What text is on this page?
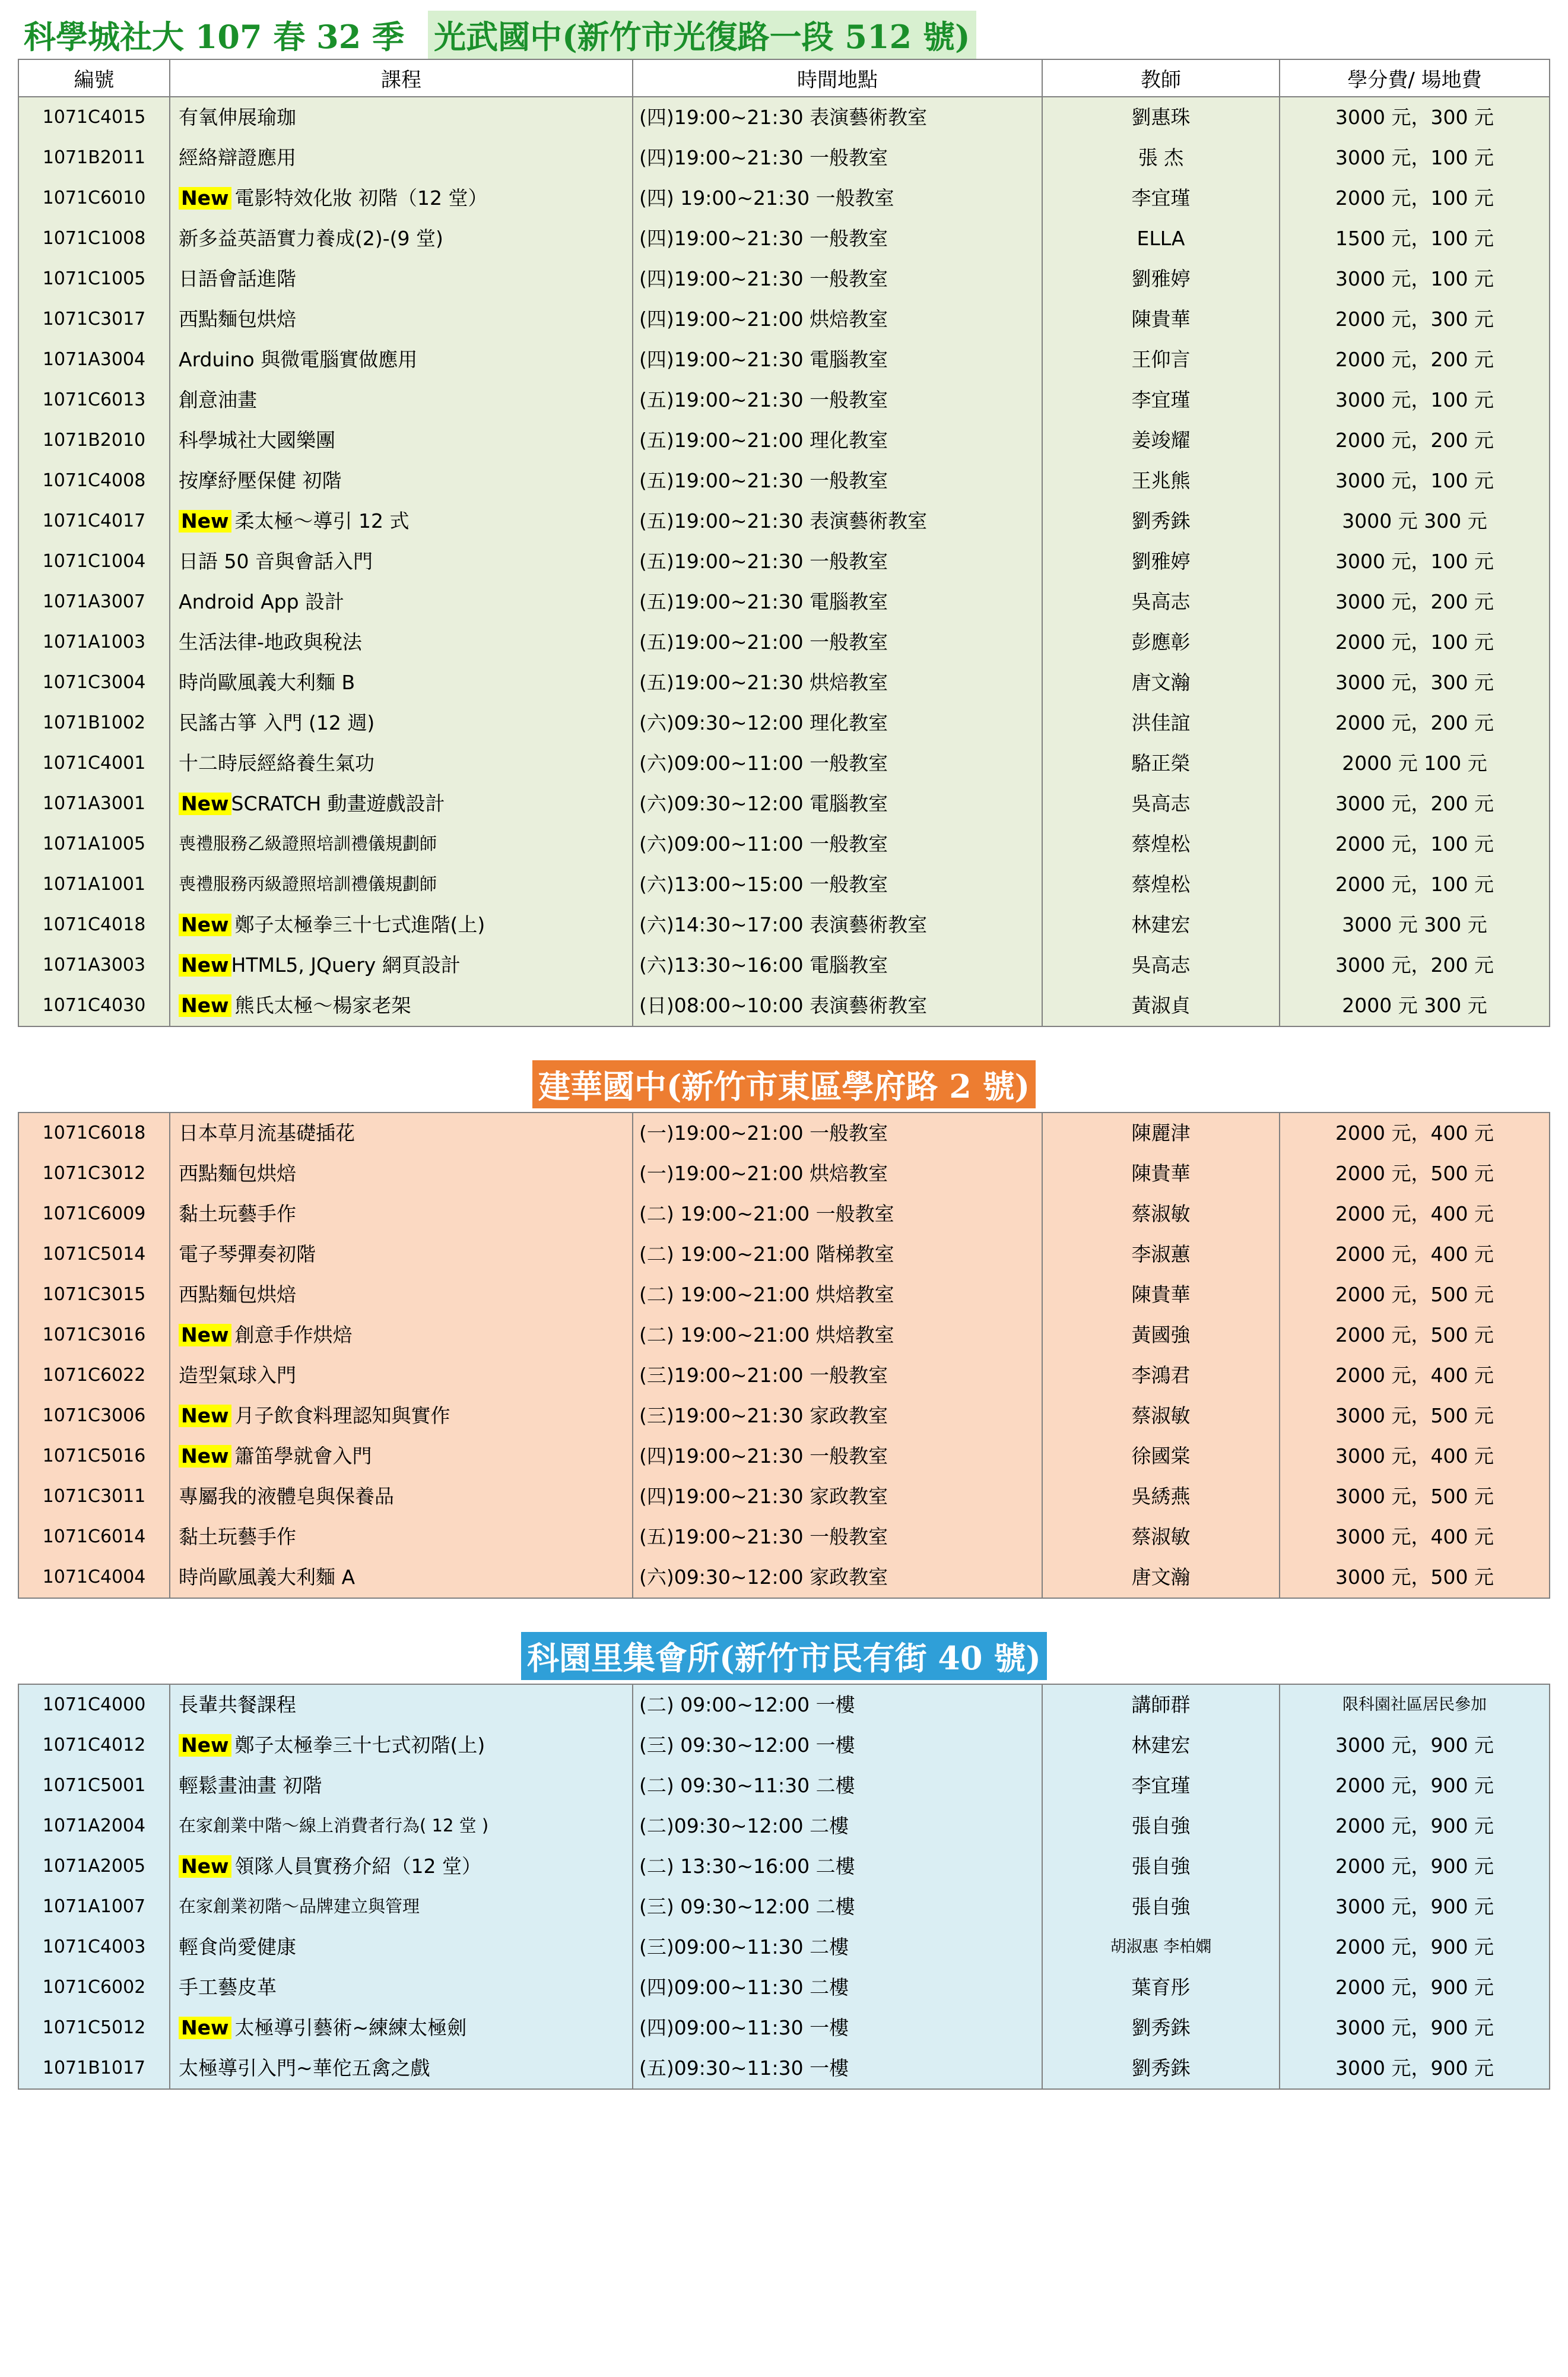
科學城社大 107 春 32 季 光武國中(新竹市光復路一段 512 號)
編號	課程	時間地點	教師	學分費/ 場地費
1071C4015	有氧伸展瑜珈	(四)19:00~21:30 表演藝術教室	劉惠珠	3000 元，300 元
1071B2011	經絡辯證應用	(四)19:00~21:30 一般教室	張 杰	3000 元，100 元
1071C6010	New 電影特效化妝 初階（12 堂）	(四) 19:00~21:30 一般教室	李宜瑾	2000 元，100 元
1071C1008	新多益英語實力養成(2)-(9 堂)	(四)19:00~21:30 一般教室	ELLA	1500 元，100 元
1071C1005	日語會話進階	(四)19:00~21:30 一般教室	劉雅婷	3000 元，100 元
1071C3017	西點麵包烘焙	(四)19:00~21:00 烘焙教室	陳貴華	2000 元，300 元
1071A3004	Arduino 與微電腦實做應用	(四)19:00~21:30 電腦教室	王仰言	2000 元，200 元
1071C6013	創意油畫	(五)19:00~21:30 一般教室	李宜瑾	3000 元，100 元
1071B2010	科學城社大國樂團	(五)19:00~21:00 理化教室	姜竣耀	2000 元，200 元
1071C4008	按摩紓壓保健 初階	(五)19:00~21:30 一般教室	王兆熊	3000 元，100 元
1071C4017	New 柔太極～導引 12 式	(五)19:00~21:30 表演藝術教室	劉秀銖	3000 元 300 元
1071C1004	日語 50 音與會話入門	(五)19:00~21:30 一般教室	劉雅婷	3000 元，100 元
1071A3007	Android App 設計	(五)19:00~21:30 電腦教室	吳高志	3000 元，200 元
1071A1003	生活法律-地政與稅法	(五)19:00~21:00 一般教室	彭應彰	2000 元，100 元
1071C3004	時尚歐風義大利麵 B	(五)19:00~21:30 烘焙教室	唐文瀚	3000 元，300 元
1071B1002	民謠古箏 入門 (12 週)	(六)09:30~12:00 理化教室	洪佳誼	2000 元，200 元
1071C4001	十二時辰經絡養生氣功	(六)09:00~11:00 一般教室	駱正榮	2000 元 100 元
1071A3001	New SCRATCH 動畫遊戲設計	(六)09:30~12:00 電腦教室	吳高志	3000 元，200 元
1071A1005	喪禮服務乙級證照培訓禮儀規劃師	(六)09:00~11:00 一般教室	蔡煌松	2000 元，100 元
1071A1001	喪禮服務丙級證照培訓禮儀規劃師	(六)13:00~15:00 一般教室	蔡煌松	2000 元，100 元
1071C4018	New 鄭子太極拳三十七式進階(上)	(六)14:30~17:00 表演藝術教室	林建宏	3000 元 300 元
1071A3003	New HTML5, JQuery 網頁設計	(六)13:30~16:00 電腦教室	吳高志	3000 元，200 元
1071C4030	New 熊氏太極～楊家老架	(日)08:00~10:00 表演藝術教室	黃淑貞	2000 元 300 元
建華國中(新竹市東區學府路 2 號)
1071C6018	日本草月流基礎插花	(一)19:00~21:00 一般教室	陳麗津	2000 元，400 元
1071C3012	西點麵包烘焙	(一)19:00~21:00 烘焙教室	陳貴華	2000 元，500 元
1071C6009	黏土玩藝手作	(二) 19:00~21:00 一般教室	蔡淑敏	2000 元，400 元
1071C5014	電子琴彈奏初階	(二) 19:00~21:00 階梯教室	李淑蕙	2000 元，400 元
1071C3015	西點麵包烘焙	(二) 19:00~21:00 烘焙教室	陳貴華	2000 元，500 元
1071C3016	New 創意手作烘焙	(二) 19:00~21:00 烘焙教室	黃國強	2000 元，500 元
1071C6022	造型氣球入門	(三)19:00~21:00 一般教室	李鴻君	2000 元，400 元
1071C3006	New 月子飲食料理認知與實作	(三)19:00~21:30 家政教室	蔡淑敏	3000 元，500 元
1071C5016	New 簫笛學就會入門	(四)19:00~21:30 一般教室	徐國棠	3000 元，400 元
1071C3011	專屬我的液體皂與保養品	(四)19:00~21:30 家政教室	吳綉燕	3000 元，500 元
1071C6014	黏土玩藝手作	(五)19:00~21:30 一般教室	蔡淑敏	3000 元，400 元
1071C4004	時尚歐風義大利麵 A	(六)09:30~12:00 家政教室	唐文瀚	3000 元，500 元
科園里集會所(新竹市民有街 40 號)
1071C4000	長輩共餐課程	(二) 09:00~12:00 一樓	講師群	限科園社區居民參加
1071C4012	New 鄭子太極拳三十七式初階(上)	(三) 09:30~12:00 一樓	林建宏	3000 元，900 元
1071C5001	輕鬆畫油畫 初階	(二) 09:30~11:30 二樓	李宜瑾	2000 元，900 元
1071A2004	在家創業中階～線上消費者行為( 12 堂 )	(二)09:30~12:00 二樓	張自強	2000 元，900 元
1071A2005	New 領隊人員實務介紹（12 堂）	(二) 13:30~16:00 二樓	張自強	2000 元，900 元
1071A1007	在家創業初階～品牌建立與管理	(三) 09:30~12:00 二樓	張自強	3000 元，900 元
1071C4003	輕食尚愛健康	(三)09:00~11:30 二樓	胡淑惠 李柏嫻	2000 元，900 元
1071C6002	手工藝皮革	(四)09:00~11:30 二樓	葉育彤	2000 元，900 元
1071C5012	New 太極導引藝術~練練太極劍	(四)09:00~11:30 一樓	劉秀銖	3000 元，900 元
1071B1017	太極導引入門~華佗五禽之戲	(五)09:30~11:30 一樓	劉秀銖	3000 元，900 元
